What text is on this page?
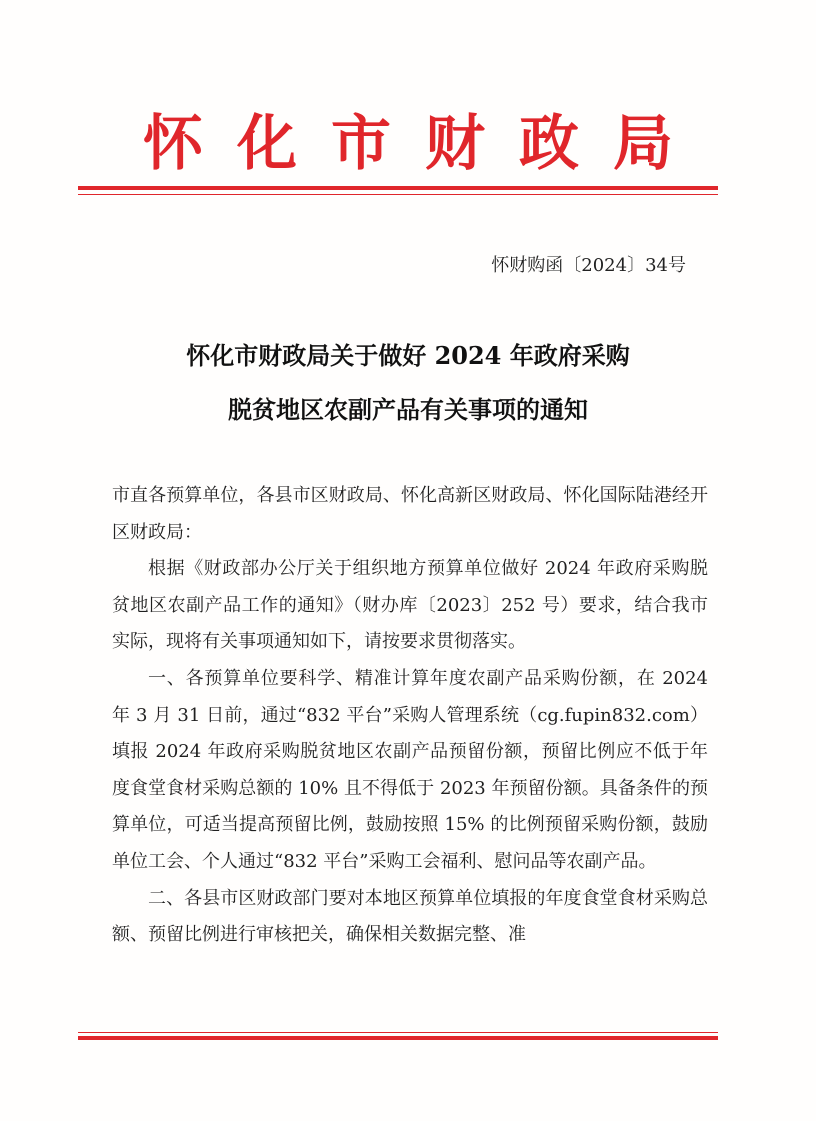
怀化市财政局
怀财购函〔2024〕34号
怀化市财政局关于做好 2024 年政府采购
脱贫地区农副产品有关事项的通知

市直各预算单位，各县市区财政局、怀化高新区财政局、怀化国际陆港经开区财政局：

根据《财政部办公厅关于组织地方预算单位做好 2024 年政府采购脱贫地区农副产品工作的通知》（财办库〔2023〕252 号）要求，结合我市实际，现将有关事项通知如下，请按要求贯彻落实。

一、各预算单位要科学、精准计算年度农副产品采购份额，在 2024 年 3 月 31 日前，通过“832 平台”采购人管理系统（cg.fupin832.com）填报 2024 年政府采购脱贫地区农副产品预留份额，预留比例应不低于年度食堂食材采购总额的 10% 且不得低于 2023 年预留份额。具备条件的预算单位，可适当提高预留比例，鼓励按照 15% 的比例预留采购份额，鼓励单位工会、个人通过“832 平台”采购工会福利、慰问品等农副产品。

二、各县市区财政部门要对本地区预算单位填报的年度食堂食材采购总额、预留比例进行审核把关，确保相关数据完整、准
